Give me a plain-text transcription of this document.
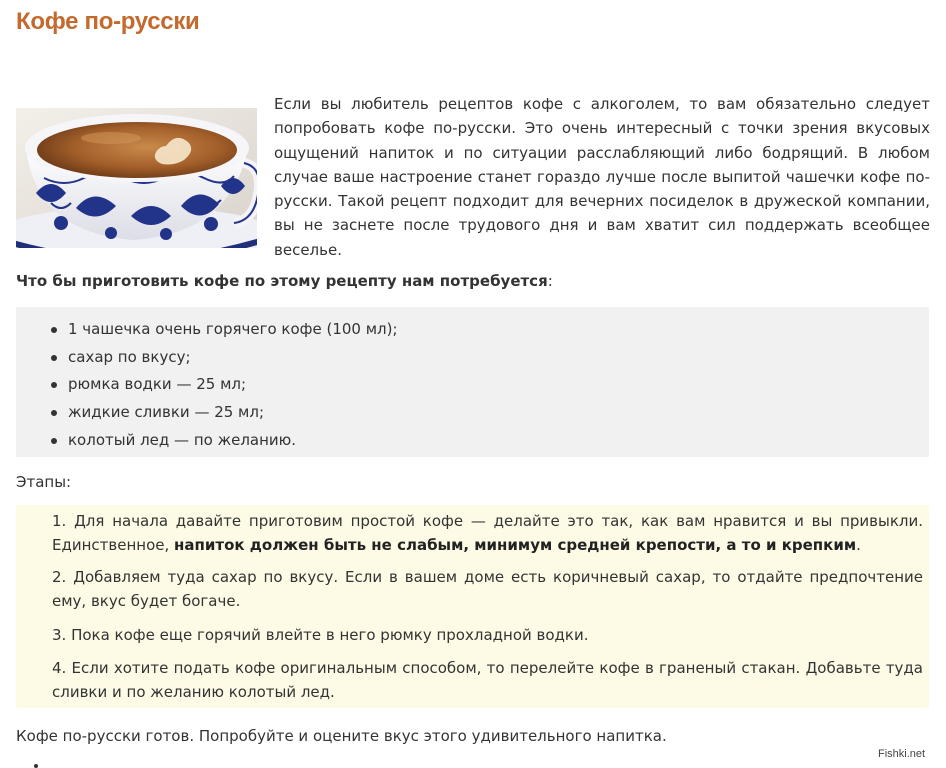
Кофе по-русски

Если вы любитель рецептов кофе с алкоголем, то вам обязательно следует попробовать кофе по-русски. Это очень интересный с точки зрения вкусовых ощущений напиток и по ситуации расслабляющий либо бодрящий. В любом случае ваше настроение станет гораздо лучше после выпитой чашечки кофе по-русски. Такой рецепт подходит для вечерних посиделок в дружеской компании, вы не заснете после трудового дня и вам хватит сил поддержать всеобщее веселье.

Что бы приготовить кофе по этому рецепту нам потребуется:
1 чашечка очень горячего кофе (100 мл);
сахар по вкусу;
рюмка водки — 25 мл;
жидкие сливки — 25 мл;
колотый лед — по желанию.
Этапы:

1. Для начала давайте приготовим простой кофе — делайте это так, как вам нравится и вы привыкли. Единственное, напиток должен быть не слабым, минимум средней крепости, а то и крепким.

2. Добавляем туда сахар по вкусу. Если в вашем доме есть коричневый сахар, то отдайте предпочтение ему, вкус будет богаче.

3. Пока кофе еще горячий влейте в него рюмку прохладной водки.

4. Если хотите подать кофе оригинальным способом, то перелейте кофе в граненый стакан. Добавьте туда сливки и по желанию колотый лед.

Кофе по-русски готов. Попробуйте и оцените вкус этого удивительного напитка.
Fishki.net
